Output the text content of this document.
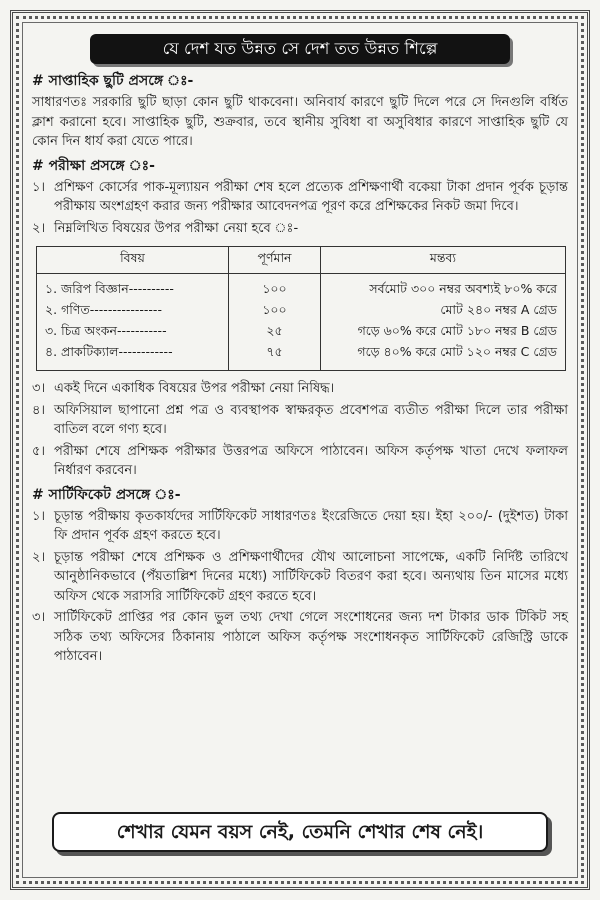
যে দেশ যত উন্নত সে দেশ তত উন্নত শিল্পে
# সাপ্তাহিক ছুটি প্রসঙ্গে ঃ-

সাধারণতঃ সরকারি ছুটি ছাড়া কোন ছুটি থাকবেনা। অনিবার্য কারণে ছুটি দিলে পরে সে দিনগুলি বর্ধিত ক্লাশ করানো হবে। সাপ্তাহিক ছুটি, শুক্রবার, তবে স্থানীয় সুবিধা বা অসুবিধার কারণে সাপ্তাহিক ছুটি যে কোন দিন ধার্য করা যেতে পারে।

# পরীক্ষা প্রসঙ্গে ঃ-
১। প্রশিক্ষণ কোর্সের পাক-মূল্যায়ন পরীক্ষা শেষ হলে প্রত্যেক প্রশিক্ষণার্থী বকেয়া টাকা প্রদান পূর্বক চূড়ান্ত পরীক্ষায় অংশগ্রহণ করার জন্য পরীক্ষার আবেদনপত্র পূরণ করে প্রশিক্ষকের নিকট জমা দিবে।
২। নিম্নলিখিত বিষয়ের উপর পরীক্ষা নেয়া হবে ঃ-
বিষয়	পূর্ণমান	মন্তব্য
১. জরিপ বিজ্ঞান----------	১০০	সর্বমোট ৩০০ নম্বর অবশ্যই ৮০% করে
২. গণিত----------------	১০০	মোট ২৪০ নম্বর A গ্রেড
৩. চিত্র অংকন-----------	২৫	গড়ে ৬০% করে মোট ১৮০ নম্বর B গ্রেড
৪. প্রাকটিক্যাল------------	৭৫	গড়ে ৪০% করে মোট ১২০ নম্বর C গ্রেড
৩। একই দিনে একাধিক বিষয়ের উপর পরীক্ষা নেয়া নিষিদ্ধ।
৪। অফিসিয়াল ছাপানো প্রশ্ন পত্র ও ব্যবস্থাপক স্বাক্ষরকৃত প্রবেশপত্র ব্যতীত পরীক্ষা দিলে তার পরীক্ষা বাতিল বলে গণ্য হবে।
৫। পরীক্ষা শেষে প্রশিক্ষক পরীক্ষার উত্তরপত্র অফিসে পাঠাবেন। অফিস কর্তৃপক্ষ খাতা দেখে ফলাফল নির্ধারণ করবেন।
# সার্টিফিকেট প্রসঙ্গে ঃ-
১। চূড়ান্ত পরীক্ষায় কৃতকার্যদের সার্টিফিকেট সাধারণতঃ ইংরেজিতে দেয়া হয়। ইহা ২০০/- (দুইশত) টাকা ফি প্রদান পূর্বক গ্রহণ করতে হবে।
২। চূড়ান্ত পরীক্ষা শেষে প্রশিক্ষক ও প্রশিক্ষণার্থীদের যৌথ আলোচনা সাপেক্ষে, একটি নির্দিষ্ট তারিখে আনুষ্ঠানিকভাবে (পঁয়তাল্লিশ দিনের মধ্যে) সার্টিফিকেট বিতরণ করা হবে। অন্যথায় তিন মাসের মধ্যে অফিস থেকে সরাসরি সার্টিফিকেট গ্রহণ করতে হবে।
৩। সার্টিফিকেট প্রাপ্তির পর কোন ভুল তথ্য দেখা গেলে সংশোধনের জন্য দশ টাকার ডাক টিকিট সহ সঠিক তথ্য অফিসের ঠিকানায় পাঠালে অফিস কর্তৃপক্ষ সংশোধনকৃত সার্টিফিকেট রেজিস্ট্রি ডাকে পাঠাবেন।
শেখার যেমন বয়স নেই, তেমনি শেখার শেষ নেই।
